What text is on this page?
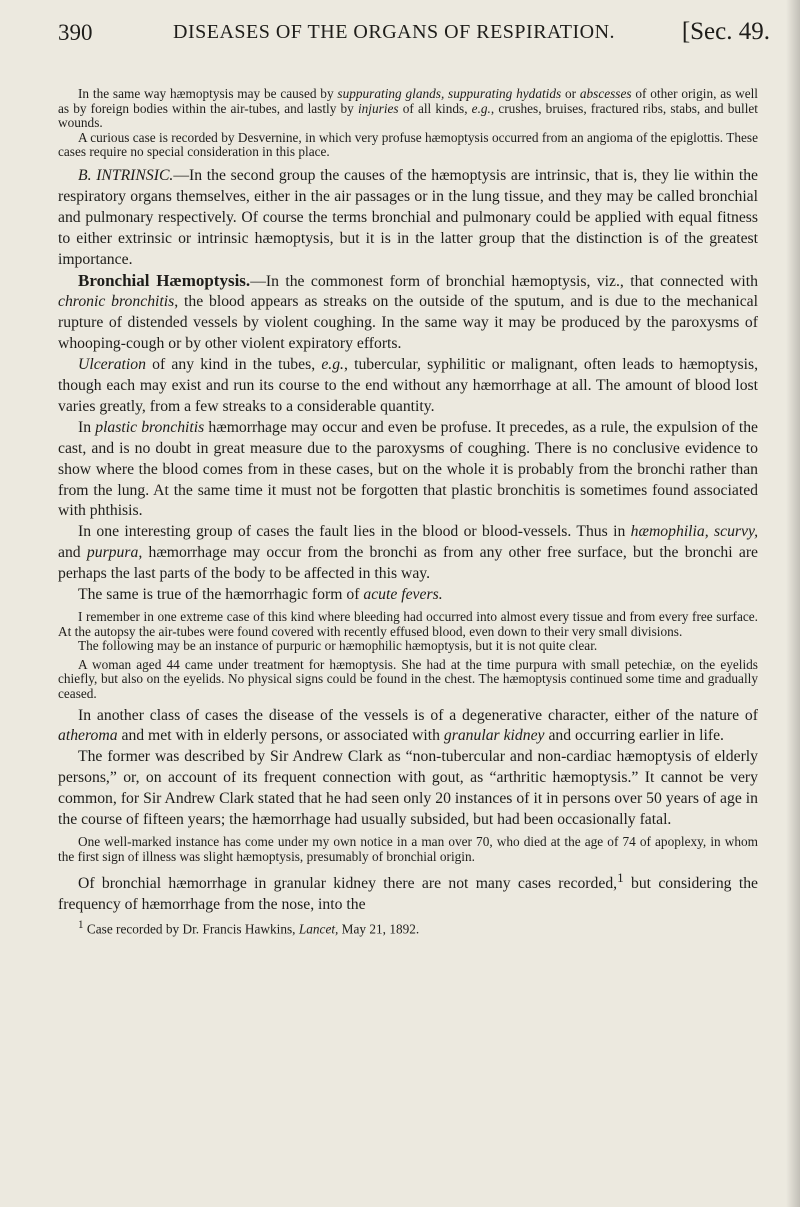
390	DISEASES OF THE ORGANS OF RESPIRATION.	[Sec. 49.

In the same way hæmoptysis may be caused by suppurating glands, suppurating hydatids or abscesses of other origin, as well as by foreign bodies within the air-tubes, and lastly by injuries of all kinds, e.g., crushes, bruises, fractured ribs, stabs, and bullet wounds.

A curious case is recorded by Desvernine, in which very profuse hæmoptysis occurred from an angioma of the epiglottis. These cases require no special consideration in this place.

B. INTRINSIC.—In the second group the causes of the hæmoptysis are intrinsic, that is, they lie within the respiratory organs themselves, either in the air passages or in the lung tissue, and they may be called bronchial and pulmonary respectively. Of course the terms bronchial and pulmonary could be applied with equal fitness to either extrinsic or intrinsic hæmoptysis, but it is in the latter group that the distinction is of the greatest importance.

Bronchial Hæmoptysis.—In the commonest form of bronchial hæmoptysis, viz., that connected with chronic bronchitis, the blood appears as streaks on the outside of the sputum, and is due to the mechanical rupture of distended vessels by violent coughing. In the same way it may be produced by the paroxysms of whooping-cough or by other violent expiratory efforts.

Ulceration of any kind in the tubes, e.g., tubercular, syphilitic or malignant, often leads to hæmoptysis, though each may exist and run its course to the end without any hæmorrhage at all. The amount of blood lost varies greatly, from a few streaks to a considerable quantity.

In plastic bronchitis hæmorrhage may occur and even be profuse. It precedes, as a rule, the expulsion of the cast, and is no doubt in great measure due to the paroxysms of coughing. There is no conclusive evidence to show where the blood comes from in these cases, but on the whole it is probably from the bronchi rather than from the lung. At the same time it must not be forgotten that plastic bronchitis is sometimes found associated with phthisis.

In one interesting group of cases the fault lies in the blood or blood-vessels. Thus in hæmophilia, scurvy, and purpura, hæmorrhage may occur from the bronchi as from any other free surface, but the bronchi are perhaps the last parts of the body to be affected in this way.

The same is true of the hæmorrhagic form of acute fevers.

I remember in one extreme case of this kind where bleeding had occurred into almost every tissue and from every free surface. At the autopsy the air-tubes were found covered with recently effused blood, even down to their very small divisions.

The following may be an instance of purpuric or hæmophilic hæmoptysis, but it is not quite clear.

A woman aged 44 came under treatment for hæmoptysis. She had at the time purpura with small petechiæ, on the eyelids chiefly, but also on the eyelids. No physical signs could be found in the chest. The hæmoptysis continued some time and gradually ceased.

In another class of cases the disease of the vessels is of a degenerative character, either of the nature of atheroma and met with in elderly persons, or associated with granular kidney and occurring earlier in life.

The former was described by Sir Andrew Clark as “non-tubercular and non-cardiac hæmoptysis of elderly persons,” or, on account of its frequent connection with gout, as “arthritic hæmoptysis.” It cannot be very common, for Sir Andrew Clark stated that he had seen only 20 instances of it in persons over 50 years of age in the course of fifteen years; the hæmorrhage had usually subsided, but had been occasionally fatal.

One well-marked instance has come under my own notice in a man over 70, who died at the age of 74 of apoplexy, in whom the first sign of illness was slight hæmoptysis, presumably of bronchial origin.

Of bronchial hæmorrhage in granular kidney there are not many cases recorded,$^1$ but considering the frequency of hæmorrhage from the nose, into the

$^1$ Case recorded by Dr. Francis Hawkins, Lancet, May 21, 1892.
